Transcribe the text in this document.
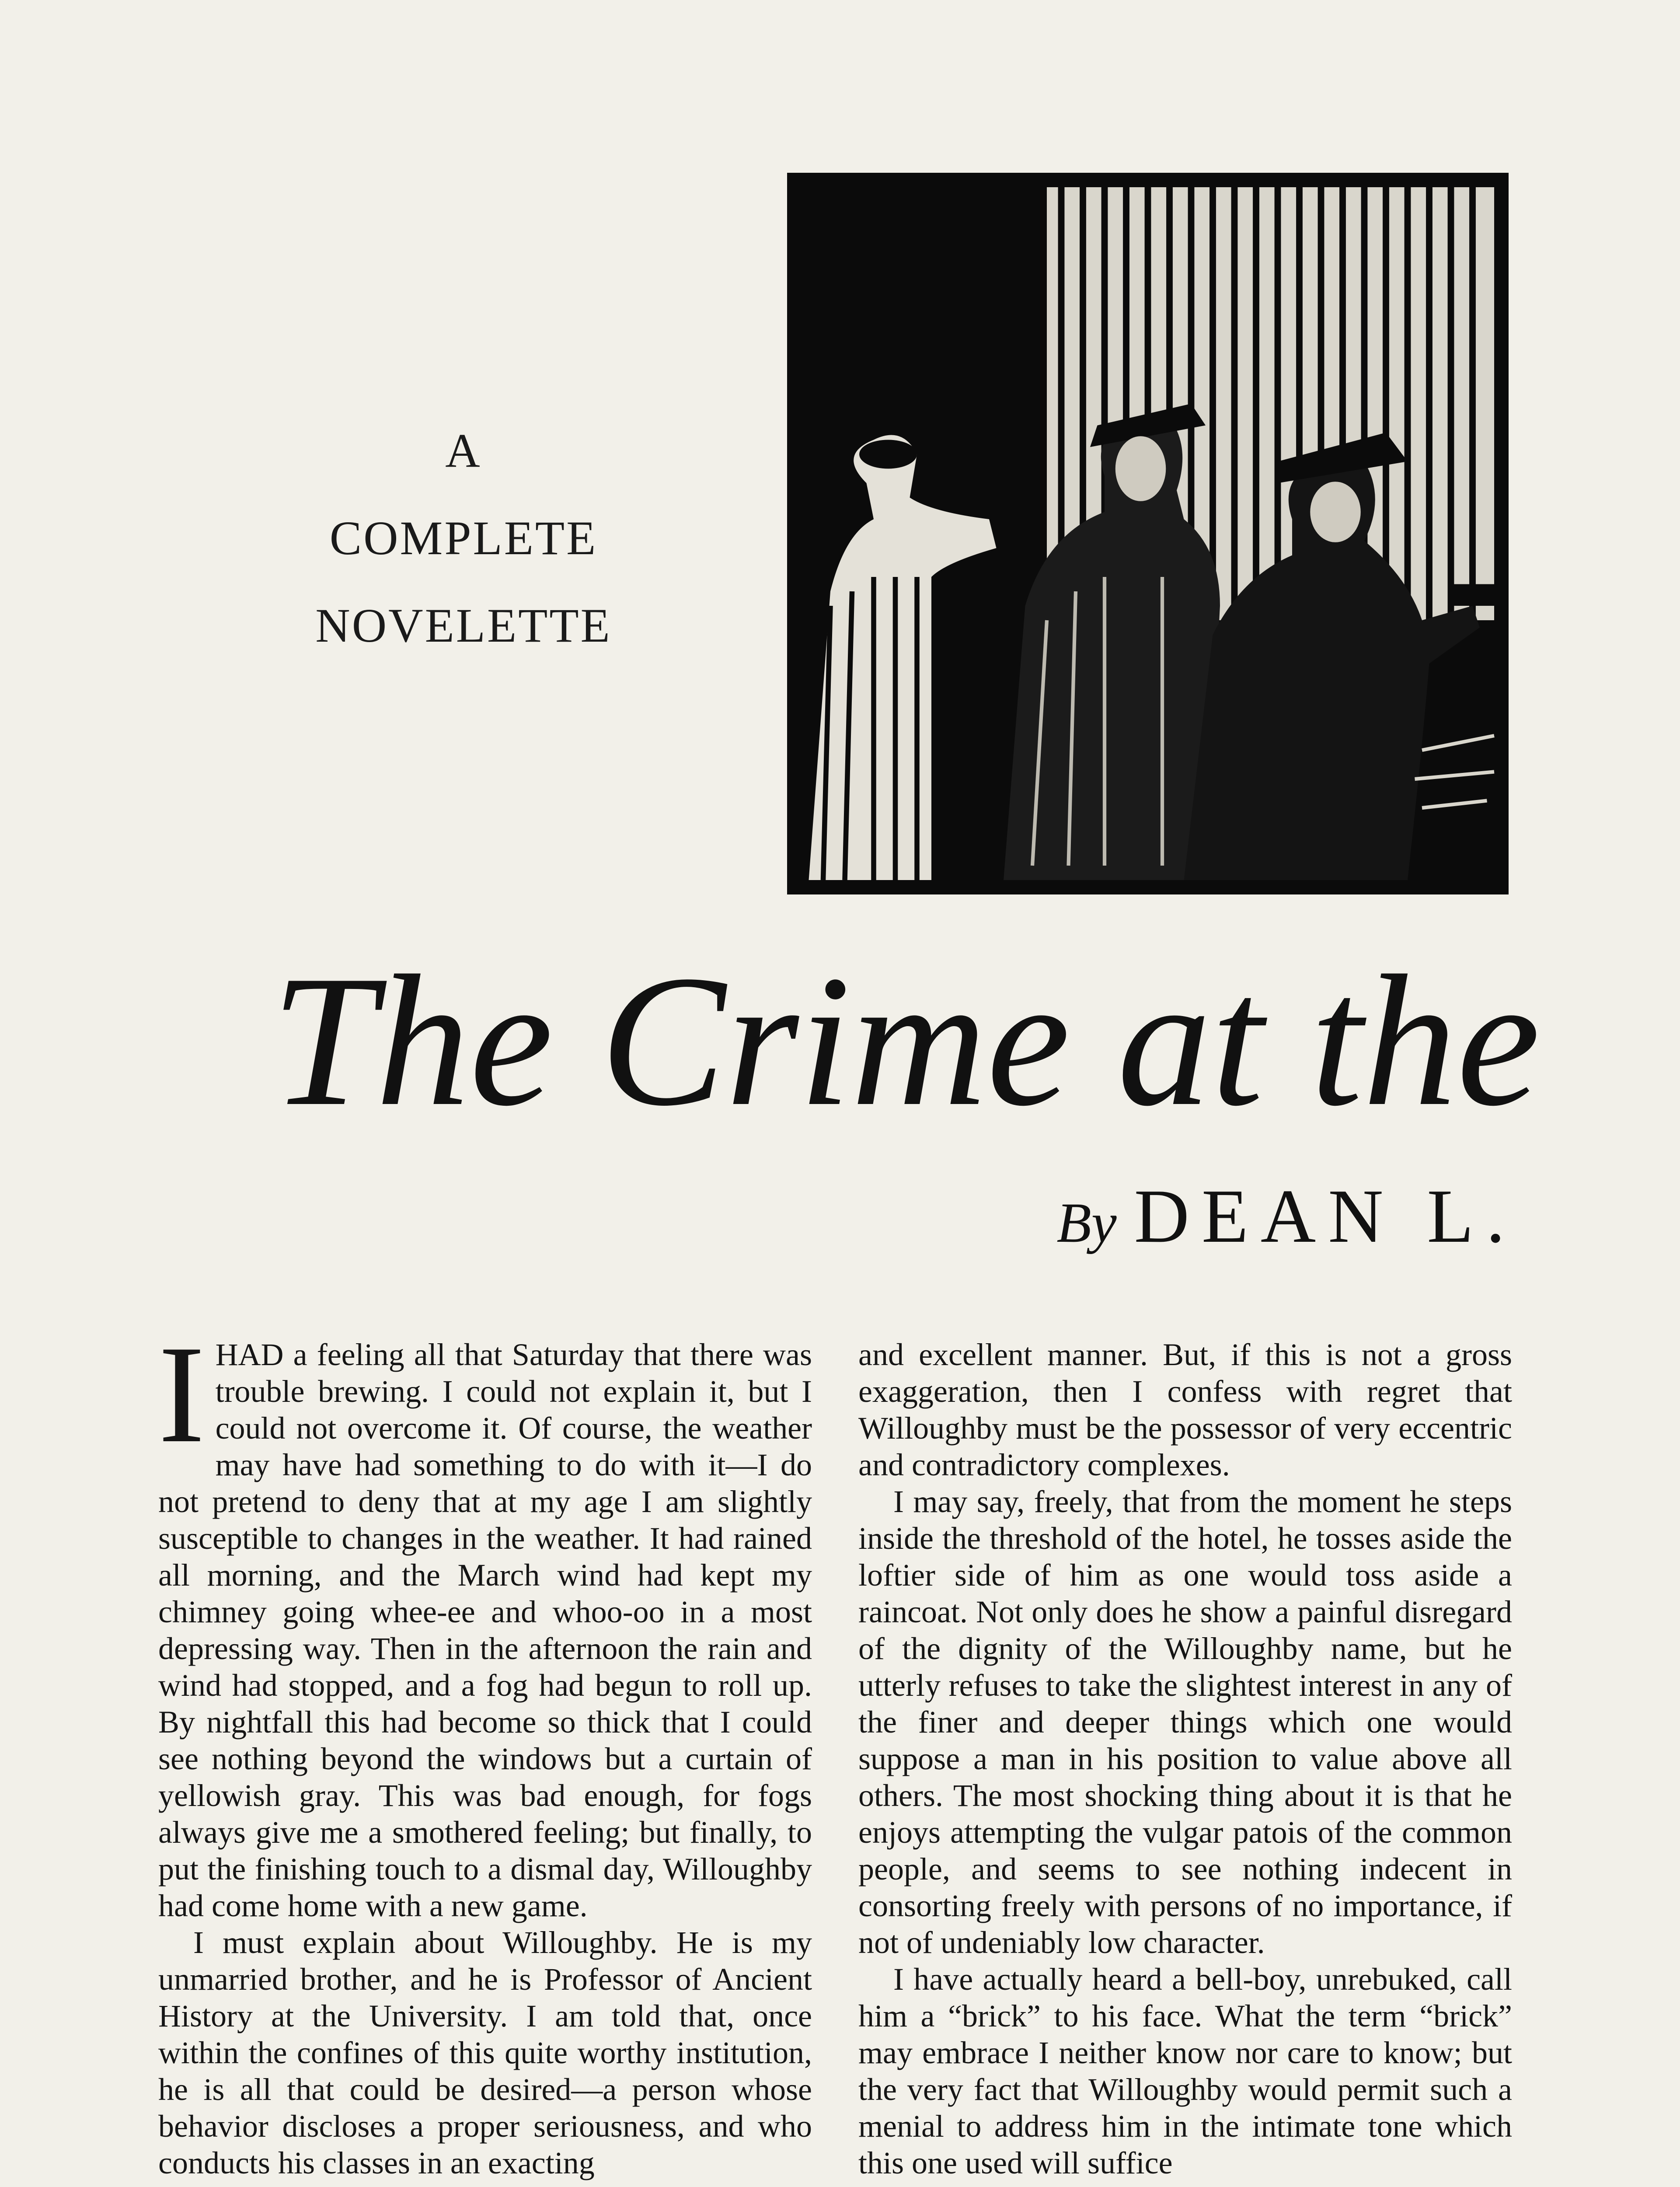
A
COMPLETE
NOVELETTE
The Crime at the
By DEAN L.

IHAD a feeling all that Saturday that there was trouble brewing. I could not explain it, but I could not overcome it. Of course, the weather may have had something to do with it—I do not pretend to deny that at my age I am slightly susceptible to changes in the weather. It had rained all morning, and the March wind had kept my chimney going whee-ee and whoo-oo in a most depressing way. Then in the afternoon the rain and wind had stopped, and a fog had begun to roll up. By nightfall this had become so thick that I could see nothing beyond the windows but a curtain of yellowish gray. This was bad enough, for fogs always give me a smothered feeling; but finally, to put the finishing touch to a dismal day, Willoughby had come home with a new game.

I must explain about Willoughby. He is my unmarried brother, and he is Professor of Ancient History at the University. I am told that, once within the confines of this quite worthy institution, he is all that could be desired—a person whose behavior discloses a proper seriousness, and who conducts his classes in an exacting

and excellent manner. But, if this is not a gross exaggeration, then I confess with regret that Willoughby must be the possessor of very eccentric and contradictory complexes.

I may say, freely, that from the moment he steps inside the threshold of the hotel, he tosses aside the loftier side of him as one would toss aside a raincoat. Not only does he show a painful disregard of the dignity of the Willoughby name, but he utterly refuses to take the slightest interest in any of the finer and deeper things which one would suppose a man in his position to value above all others. The most shocking thing about it is that he enjoys attempting the vulgar patois of the common people, and seems to see nothing indecent in consorting freely with persons of no importance, if not of undeniably low character.

I have actually heard a bell-boy, unrebuked, call him a “brick” to his face. What the term “brick” may embrace I neither know nor care to know; but the very fact that Willoughby would permit such a menial to address him in the intimate tone which this one used will suffice
